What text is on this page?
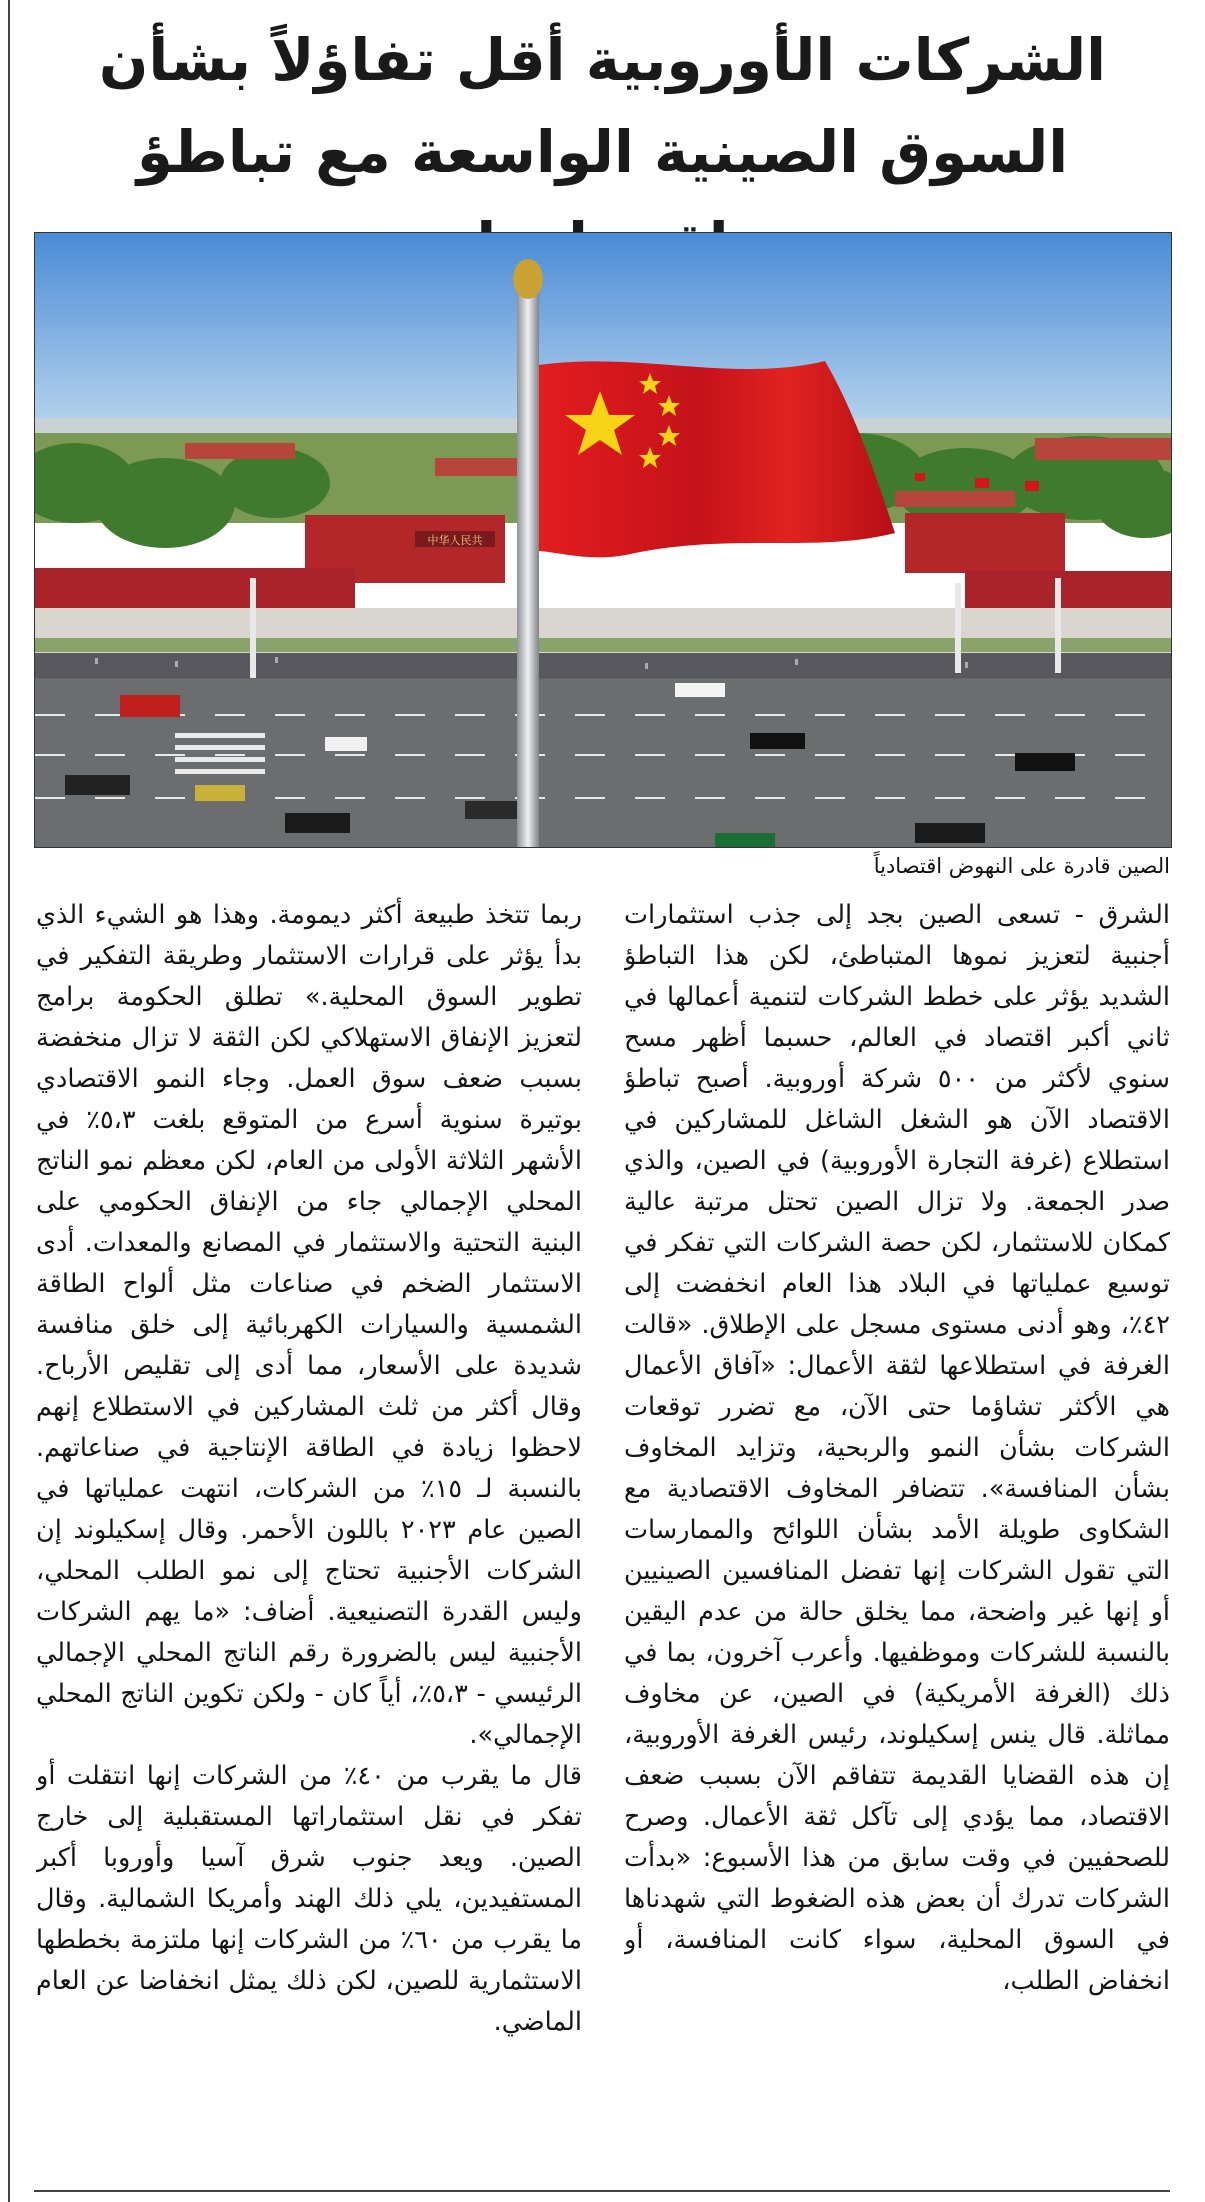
الشركات الأوروبية أقل تفاؤلاً بشأن
السوق الصينية الواسعة مع تباطؤ
中华人民共
الصين قادرة على النهوض اقتصادياً

الشرق - تسعى الصين بجد إلى جذب استثمارات أجنبية لتعزيز نموها المتباطئ، لكن هذا التباطؤ الشديد يؤثر على خطط الشركات لتنمية أعمالها في ثاني أكبر اقتصاد في العالم، حسبما أظهر مسح سنوي لأكثر من ٥٠٠ شركة أوروبية. أصبح تباطؤ الاقتصاد الآن هو الشغل الشاغل للمشاركين في استطلاع (غرفة التجارة الأوروبية) في الصين، والذي صدر الجمعة. ولا تزال الصين تحتل مرتبة عالية كمكان للاستثمار، لكن حصة الشركات التي تفكر في توسيع عملياتها في البلاد هذا العام انخفضت إلى ٤٢٪، وهو أدنى مستوى مسجل على الإطلاق. «قالت الغرفة في استطلاعها لثقة الأعمال: «آفاق الأعمال هي الأكثر تشاؤما حتى الآن، مع تضرر توقعات الشركات بشأن النمو والربحية، وتزايد المخاوف بشأن المنافسة». تتضافر المخاوف الاقتصادية مع الشكاوى طويلة الأمد بشأن اللوائح والممارسات التي تقول الشركات إنها تفضل المنافسين الصينيين أو إنها غير واضحة، مما يخلق حالة من عدم اليقين بالنسبة للشركات وموظفيها. وأعرب آخرون، بما في ذلك (الغرفة الأمريكية) في الصين، عن مخاوف مماثلة. قال ينس إسكيلوند، رئيس الغرفة الأوروبية، إن هذه القضايا القديمة تتفاقم الآن بسبب ضعف الاقتصاد، مما يؤدي إلى تآكل ثقة الأعمال. وصرح للصحفيين في وقت سابق من هذا الأسبوع: «بدأت الشركات تدرك أن بعض هذه الضغوط التي شهدناها في السوق المحلية، سواء كانت المنافسة، أو انخفاض الطلب،

ربما تتخذ طبيعة أكثر ديمومة. وهذا هو الشيء الذي بدأ يؤثر على قرارات الاستثمار وطريقة التفكير في تطوير السوق المحلية.» تطلق الحكومة برامج لتعزيز الإنفاق الاستهلاكي لكن الثقة لا تزال منخفضة بسبب ضعف سوق العمل. وجاء النمو الاقتصادي بوتيرة سنوية أسرع من المتوقع بلغت ٥،٣٪ في الأشهر الثلاثة الأولى من العام، لكن معظم نمو الناتج المحلي الإجمالي جاء من الإنفاق الحكومي على البنية التحتية والاستثمار في المصانع والمعدات. أدى الاستثمار الضخم في صناعات مثل ألواح الطاقة الشمسية والسيارات الكهربائية إلى خلق منافسة شديدة على الأسعار، مما أدى إلى تقليص الأرباح. وقال أكثر من ثلث المشاركين في الاستطلاع إنهم لاحظوا زيادة في الطاقة الإنتاجية في صناعاتهم. بالنسبة لـ ١٥٪ من الشركات، انتهت عملياتها في الصين عام ٢٠٢٣ باللون الأحمر. وقال إسكيلوند إن الشركات الأجنبية تحتاج إلى نمو الطلب المحلي، وليس القدرة التصنيعية. أضاف: «ما يهم الشركات الأجنبية ليس بالضرورة رقم الناتج المحلي الإجمالي الرئيسي - ٥،٣٪، أياً كان - ولكن تكوين الناتج المحلي الإجمالي».

قال ما يقرب من ٤٠٪ من الشركات إنها انتقلت أو تفكر في نقل استثماراتها المستقبلية إلى خارج الصين. ويعد جنوب شرق آسيا وأوروبا أكبر المستفيدين، يلي ذلك الهند وأمريكا الشمالية. وقال ما يقرب من ٦٠٪ من الشركات إنها ملتزمة بخططها الاستثمارية للصين، لكن ذلك يمثل انخفاضا عن العام الماضي.
